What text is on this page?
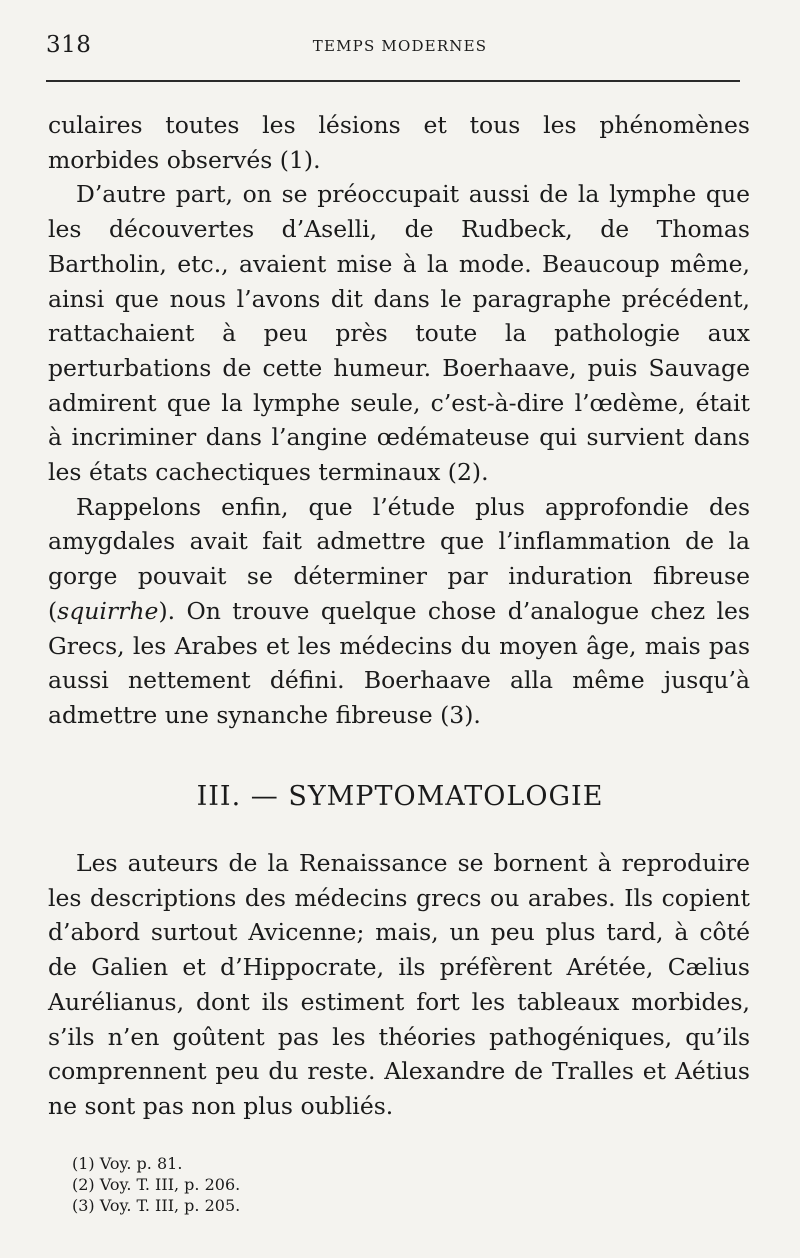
318	TEMPS MODERNES

culaires toutes les lésions et tous les phénomènes morbides observés (1).

D’autre part, on se préoccupait aussi de la lymphe que les découvertes d’Aselli, de Rudbeck, de Thomas Bartholin, etc., avaient mise à la mode. Beaucoup même, ainsi que nous l’avons dit dans le paragraphe précédent, rattachaient à peu près toute la pathologie aux perturbations de cette humeur. Boerhaave, puis Sauvage admirent que la lymphe seule, c’est-à-dire l’œdème, était à incriminer dans l’angine œdémateuse qui survient dans les états cachectiques terminaux (2).

Rappelons enfin, que l’étude plus approfondie des amygdales avait fait admettre que l’inflammation de la gorge pouvait se déterminer par induration fibreuse (squirrhe). On trouve quelque chose d’analogue chez les Grecs, les Arabes et les médecins du moyen âge, mais pas aussi nettement défini. Boerhaave alla même jusqu’à admettre une synanche fibreuse (3).

III. — SYMPTOMATOLOGIE

Les auteurs de la Renaissance se bornent à reproduire les descriptions des médecins grecs ou arabes. Ils copient d’abord surtout Avicenne; mais, un peu plus tard, à côté de Galien et d’Hippocrate, ils préfèrent Arétée, Cælius Aurélianus, dont ils estiment fort les tableaux morbides, s’ils n’en goûtent pas les théories pathogéniques, qu’ils comprennent peu du reste. Alexandre de Tralles et Aétius ne sont pas non plus oubliés.

(1) Voy. p. 81.

(2) Voy. T. III, p. 206.

(3) Voy. T. III, p. 205.
